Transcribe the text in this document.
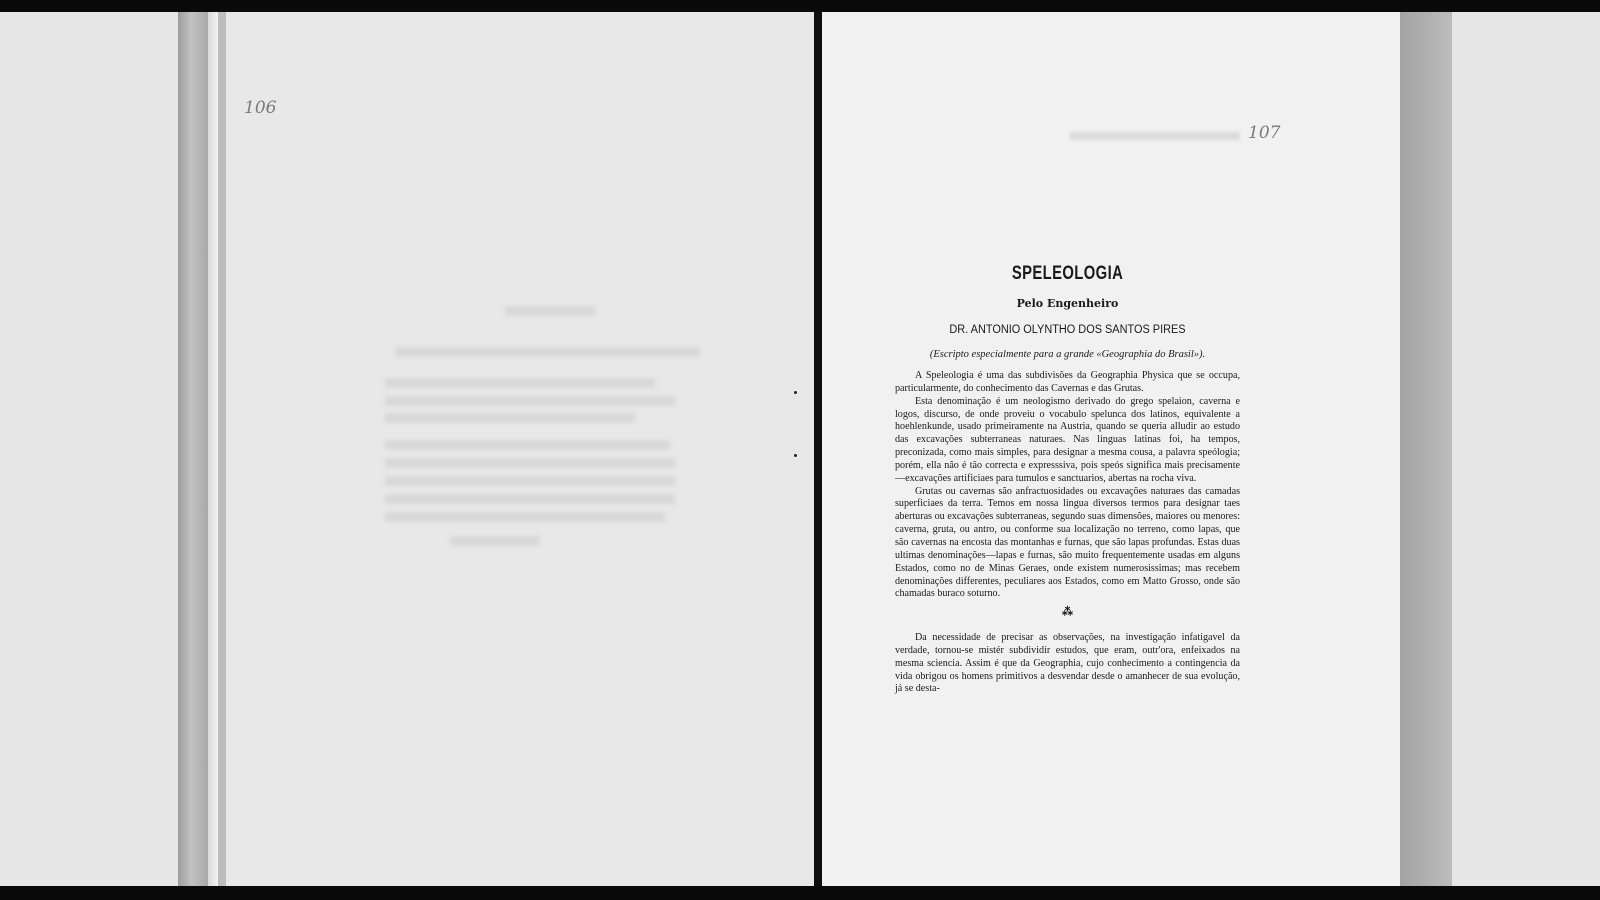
106
107
SPELEOLOGIA
Pelo Engenheiro
DR. ANTONIO OLYNTHO DOS SANTOS PIRES
(Escripto especialmente para a grande «Geographia do Brasil»).

A Speleologia é uma das subdivisões da Geographia Physica que se occupa, particularmente, do conhecimento das Cavernas e das Grutas.

Esta denominação é um neologismo derivado do grego spelaion, caverna e logos, discurso, de onde proveiu o vocabulo spelunca dos latinos, equivalente a hoehlenkunde, usado primeiramente na Austria, quando se queria alludir ao estudo das excavações subterraneas naturaes. Nas linguas latinas foi, ha tempos, preconizada, como mais simples, para designar a mesma cousa, a palavra speólogia; porém, ella não é tão correcta e expresssiva, pois speós significa mais precisamente—excavações artificiaes para tumulos e sanctuarios, abertas na rocha viva.

Grutas ou cavernas são anfractuosidades ou excavações naturaes das camadas superficiaes da terra. Temos em nossa lingua diversos termos para designar taes aberturas ou excavações subterraneas, segundo suas dimensões, maiores ou menores: caverna, gruta, ou antro, ou conforme sua localização no terreno, como lapas, que são cavernas na encosta das montanhas e furnas, que são lapas profundas. Estas duas ultimas denominações—lapas e furnas, são muito frequentemente usadas em alguns Estados, como no de Minas Geraes, onde existem numerosissimas; mas recebem denominações differentes, peculiares aos Estados, como em Matto Grosso, onde são chamadas buraco soturno.

⁂

Da necessidade de precisar as observações, na investigação infatigavel da verdade, tornou-se mistér subdividir estudos, que eram, outr'ora, enfeixados na mesma sciencia. Assim é que da Geographia, cujo conhecimento a contingencia da vida obrigou os homens primitivos a desvendar desde o amanhecer de sua evolução, já se desta-
